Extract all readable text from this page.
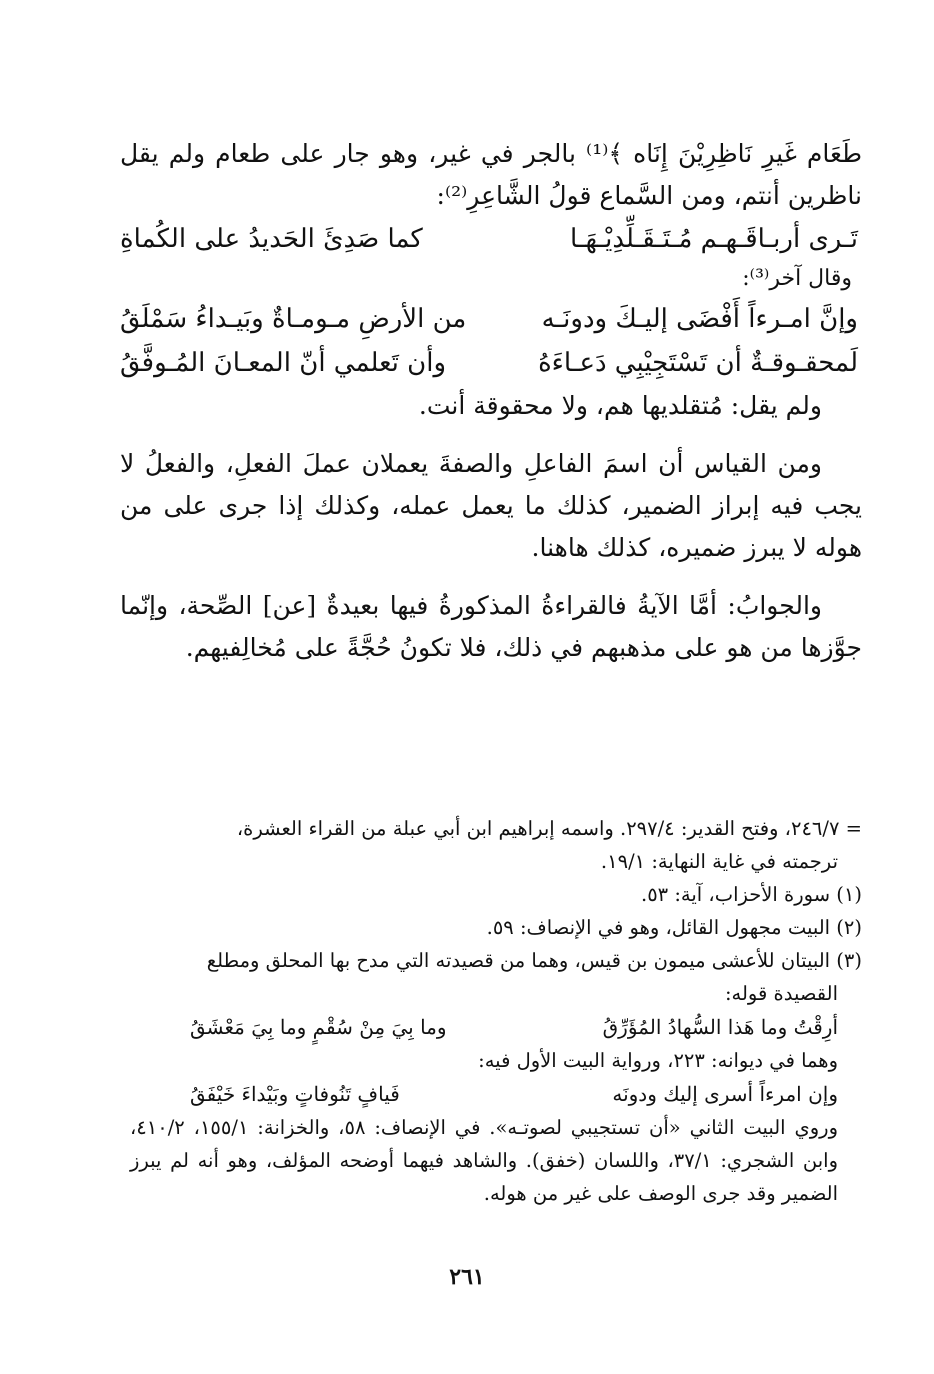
طَعَام غَيرِ نَاظِرِيْنَ إِنَاه ﴾⁽¹⁾ بالجر في غير، وهو جار على طعام ولم يقل ناظرين أنتم، ومن السَّماع قولُ الشَّاعِرِ⁽²⁾:

تَـرى أربـاقَـهـم مُـتَـقَـلِّدِيْـهَـا
كما صَدِئَ الحَديدُ على الكُماةِ
وقال آخر⁽³⁾:
وإنَّ امـرءاً أَفْضَى إليـكَ ودونَـه
من الأرضِ مـومـاةٌ وبَيـداءُ سَمْلَقُ
لَمحقـوقـةٌ أن تَسْتَجِيْبِي دَعـاءَهُ
وأن تَعلمي أنّ المعـانَ المُـوفَّقُ

ولم يقل: مُتقلديها هم، ولا محقوقة أنت.

ومن القياس أن اسمَ الفاعلِ والصفةَ يعملان عملَ الفعلِ، والفعلُ لا يجب فيه إبراز الضمير، كذلك ما يعمل عمله، وكذلك إذا جرى على من هوله لا يبرز ضميره، كذلك هاهنا.

والجوابُ: أمَّا الآيةُ فالقراءةُ المذكورةُ فيها بعيدةٌ [عن] الصِّحة، وإنّما جوَّزها من هو على مذهبهم في ذلك، فلا تكونُ حُجَّةً على مُخالِفيهم.

= ٢٤٦/٧، وفتح القدير: ٢٩٧/٤. واسمه إبراهيم ابن أبي عبلة من القراء العشرة،

ترجمته في غاية النهاية: ١٩/١.

(١) سورة الأحزاب، آية: ٥٣.

(٢) البيت مجهول القائل، وهو في الإنصاف: ٥٩.

(٣) البيتان للأعشى ميمون بن قيس، وهما من قصيدته التي مدح بها المحلق ومطلع

القصيدة قوله:

أرِقْتُ وما هَذا السُّهادُ المُؤَرِّقُ
وما بِيَ مِنْ سُقْمٍ وما بِيَ مَعْشَقُ

وهما في ديوانه: ٢٢٣، ورواية البيت الأول فيه:

وإن امرءاً أسرى إليك ودونَه
فَيافٍ تَنُوفاتٍ وبَيْداءَ خَيْفَقُ

وروي البيت الثاني «أن تستجيبي لصوتـه». في الإنصاف: ٥٨، والخزانة: ١٥٥/١، ٤١٠/٢، وابن الشجري: ٣٧/١، واللسان (خفق). والشاهد فيهما أوضحه المؤلف، وهو أنه لم يبرز الضمير وقد جرى الوصف على غير من هوله.

٢٦١
